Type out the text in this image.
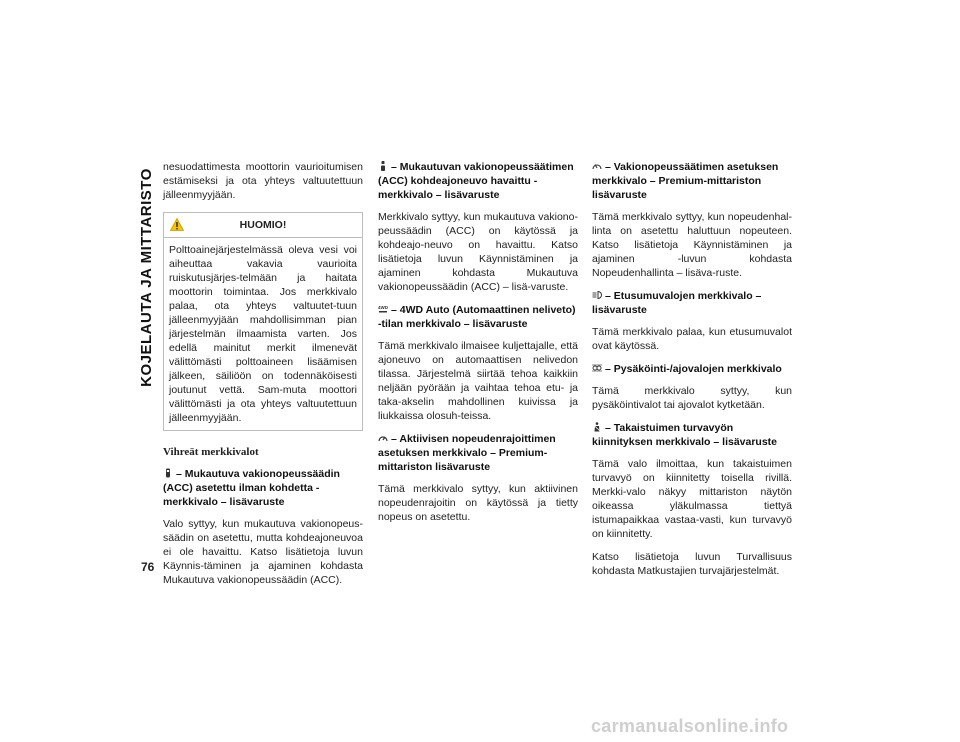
KOJELAUTA JA MITTARISTO
76

nesuodattimesta moottorin vaurioitumisen estämiseksi ja ota yhteys valtuutettuun jälleenmyyjään.

HUOMIO!

Polttoainejärjestelmässä oleva vesi voi aiheuttaa vakavia vaurioita ruiskutusjärjes-telmään ja haitata moottorin toimintaa. Jos merkkivalo palaa, ota yhteys valtuutet-tuun jälleenmyyjään mahdollisimman pian järjestelmän ilmaamista varten. Jos edellä mainitut merkit ilmenevät välittömästi polttoaineen lisäämisen jälkeen, säiliöön on todennäköisesti joutunut vettä. Sam-muta moottori välittömästi ja ota yhteys valtuutettuun jälleenmyyjään.

Vihreät merkkivalot
– Mukautuva vakionopeussäädin (ACC) asetettu ilman kohdetta -merkkivalo – lisävaruste

Valo syttyy, kun mukautuva vakionopeus-säädin on asetettu, mutta kohdeajoneuvoa ei ole havaittu. Katso lisätietoja luvun Käynnis-täminen ja ajaminen kohdasta Mukautuva vakionopeussäädin (ACC).

– Mukautuvan vakionopeussäätimen (ACC) kohdeajoneuvo havaittu -merkkivalo – lisävaruste

Merkkivalo syttyy, kun mukautuva vakiono-peussäädin (ACC) on käytössä ja kohdeajo-neuvo on havaittu. Katso lisätietoja luvun Käynnistäminen ja ajaminen kohdasta Mukautuva vakionopeussäädin (ACC) – lisä-varuste.

4WD – 4WD Auto (Automaattinen neliveto) -tilan merkkivalo – lisävaruste

Tämä merkkivalo ilmaisee kuljettajalle, että ajoneuvo on automaattisen nelivedon tilassa. Järjestelmä siirtää tehoa kaikkiin neljään pyörään ja vaihtaa tehoa etu- ja taka-akselin mahdollinen kuivissa ja liukkaissa olosuh-teissa.

– Aktiivisen nopeudenrajoittimen asetuksen merkkivalo – Premium-mittariston lisävaruste

Tämä merkkivalo syttyy, kun aktiivinen nopeudenrajoitin on käytössä ja tietty nopeus on asetettu.

– Vakionopeussäätimen asetuksen merkkivalo – Premium-mittariston lisävaruste

Tämä merkkivalo syttyy, kun nopeudenhal-linta on asetettu haluttuun nopeuteen. Katso lisätietoja Käynnistäminen ja ajaminen -luvun kohdasta Nopeudenhallinta – lisäva-ruste.

– Etusumuvalojen merkkivalo – lisävaruste

Tämä merkkivalo palaa, kun etusumuvalot ovat käytössä.

– Pysäköinti-/ajovalojen merkkivalo

Tämä merkkivalo syttyy, kun pysäköintivalot tai ajovalot kytketään.

– Takaistuimen turvavyön kiinnityksen merkkivalo – lisävaruste

Tämä valo ilmoittaa, kun takaistuimen turvavyö on kiinnitetty toisella rivillä. Merkki-valo näkyy mittariston näytön oikeassa yläkulmassa tiettyä istumapaikkaa vastaa-vasti, kun turvavyö on kiinnitetty.

Katso lisätietoja luvun Turvallisuus kohdasta Matkustajien turvajärjestelmät.

carmanualsonline.info
